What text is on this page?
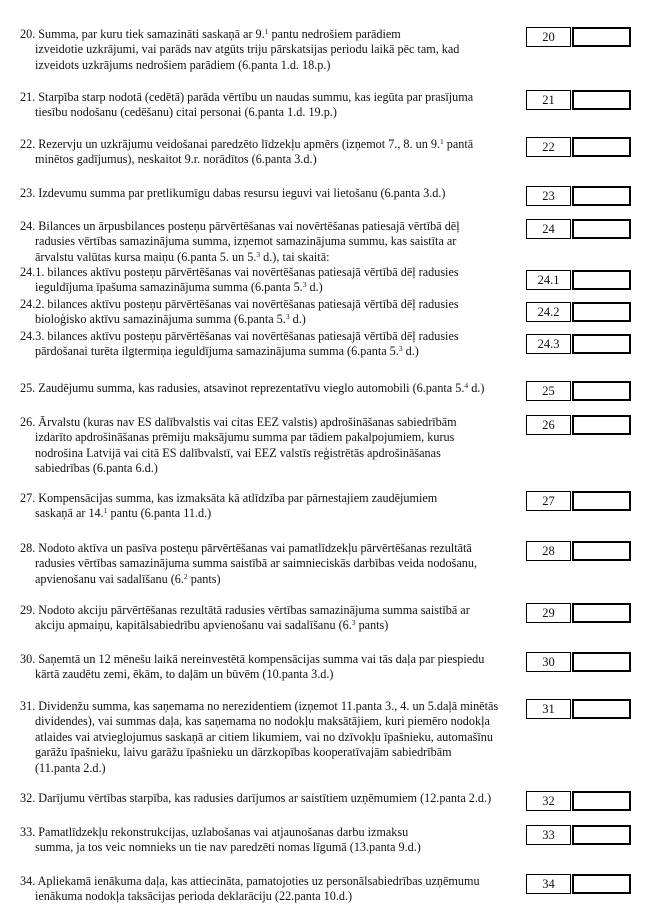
20. Summa, par kuru tiek samazināti saskaņā ar 9.$^1$ pantu nedrošiem parādiem
izveidotie uzkrājumi, vai parāds nav atgūts triju pārskatsijas periodu laikā pēc tam, kad
izveidots uzkrājums nedrošiem parādiem (6.panta 1.d. 18.p.)
20
21. Starpība starp nodotā (cedētā) parāda vērtību un naudas summu, kas iegūta par prasījuma
tiesību nodošanu (cedēšanu) citai personai (6.panta 1.d. 19.p.)
21
22. Rezervju un uzkrājumu veidošanai paredzēto līdzekļu apmērs (izņemot 7., 8. un 9.$^1$ pantā
minētos gadījumus), neskaitot 9.r. norādītos (6.panta 3.d.)
22
23. Izdevumu summa par pretlikumīgu dabas resursu ieguvi vai lietošanu (6.panta 3.d.)	23
24. Bilances un ārpusbilances posteņu pārvērtēšanas vai novērtēšanas patiesajā vērtībā dēļ
radusies vērtības samazinājuma summa, izņemot samazinājuma summu, kas saistīta ar
ārvalstu valūtas kursa maiņu (6.panta 5. un 5.$^3$ d.), tai skaitā:
24
24.1. bilances aktīvu posteņu pārvērtēšanas vai novērtēšanas patiesajā vērtībā dēļ radusies
ieguldījuma īpašuma samazinājuma summa (6.panta 5.$^3$ d.)
24.1
24.2. bilances aktīvu posteņu pārvērtēšanas vai novērtēšanas patiesajā vērtībā dēļ radusies
bioloģisko aktīvu samazinājuma summa (6.panta 5.$^3$ d.)
24.2
24.3. bilances aktīvu posteņu pārvērtēšanas vai novērtēšanas patiesajā vērtībā dēļ radusies
pārdošanai turēta ilgtermiņa ieguldījuma samazinājuma summa (6.panta 5.$^3$ d.)
24.3
25. Zaudējumu summa, kas radusies, atsavinot reprezentatīvu vieglo automobili (6.panta 5.$^4$ d.)	25
26. Ārvalstu (kuras nav ES dalībvalstis vai citas EEZ valstis) apdrošināšanas sabiedrībām
izdarīto apdrošināšanas prēmiju maksājumu summa par tādiem pakalpojumiem, kurus
nodrošina Latvijā vai citā ES dalībvalstī, vai EEZ valstīs reģistrētās apdrošināšanas
sabiedrības (6.panta 6.d.)
26
27. Kompensācijas summa, kas izmaksāta kā atlīdzība par pārnestajiem zaudējumiem
saskaņā ar 14.$^1$ pantu (6.panta 11.d.)
27
28. Nodoto aktīva un pasīva posteņu pārvērtēšanas vai pamatlīdzekļu pārvērtēšanas rezultātā
radusies vērtības samazinājuma summa saistībā ar saimnieciskās darbības veida nodošanu,
apvienošanu vai sadalīšanu (6.$^2$ pants)
28
29. Nodoto akciju pārvērtēšanas rezultātā radusies vērtības samazinājuma summa saistībā ar
akciju apmaiņu, kapitālsabiedrību apvienošanu vai sadalīšanu (6.$^3$ pants)
29
30. Saņemtā un 12 mēnešu laikā nereinvestētā kompensācijas summa vai tās daļa par piespiedu
kārtā zaudētu zemi, ēkām, to daļām un būvēm (10.panta 3.d.)
30
31. Dividenžu summa, kas saņemama no nerezidentiem (izņemot 11.panta 3., 4. un 5.daļā minētās
dividendes), vai summas daļa, kas saņemama no nodokļu maksātājiem, kuri piemēro nodokļa
atlaides vai atvieglojumus saskaņā ar citiem likumiem, vai no dzīvokļu īpašnieku, automašīnu
garāžu īpašnieku, laivu garāžu īpašnieku un dārzkopības kooperatīvajām sabiedrībām
(11.panta 2.d.)
31
32. Darījumu vērtības starpība, kas radusies darījumos ar saistītiem uzņēmumiem (12.panta 2.d.)	32
33. Pamatlīdzekļu rekonstrukcijas, uzlabošanas vai atjaunošanas darbu izmaksu
summa, ja tos veic nomnieks un tie nav paredzēti nomas līgumā (13.panta 9.d.)
33
34. Apliekamā ienākuma daļa, kas attiecināta, pamatojoties uz personālsabiedrības uzņēmumu
ienākuma nodokļa taksācijas perioda deklarāciju (22.panta 10.d.)
34
